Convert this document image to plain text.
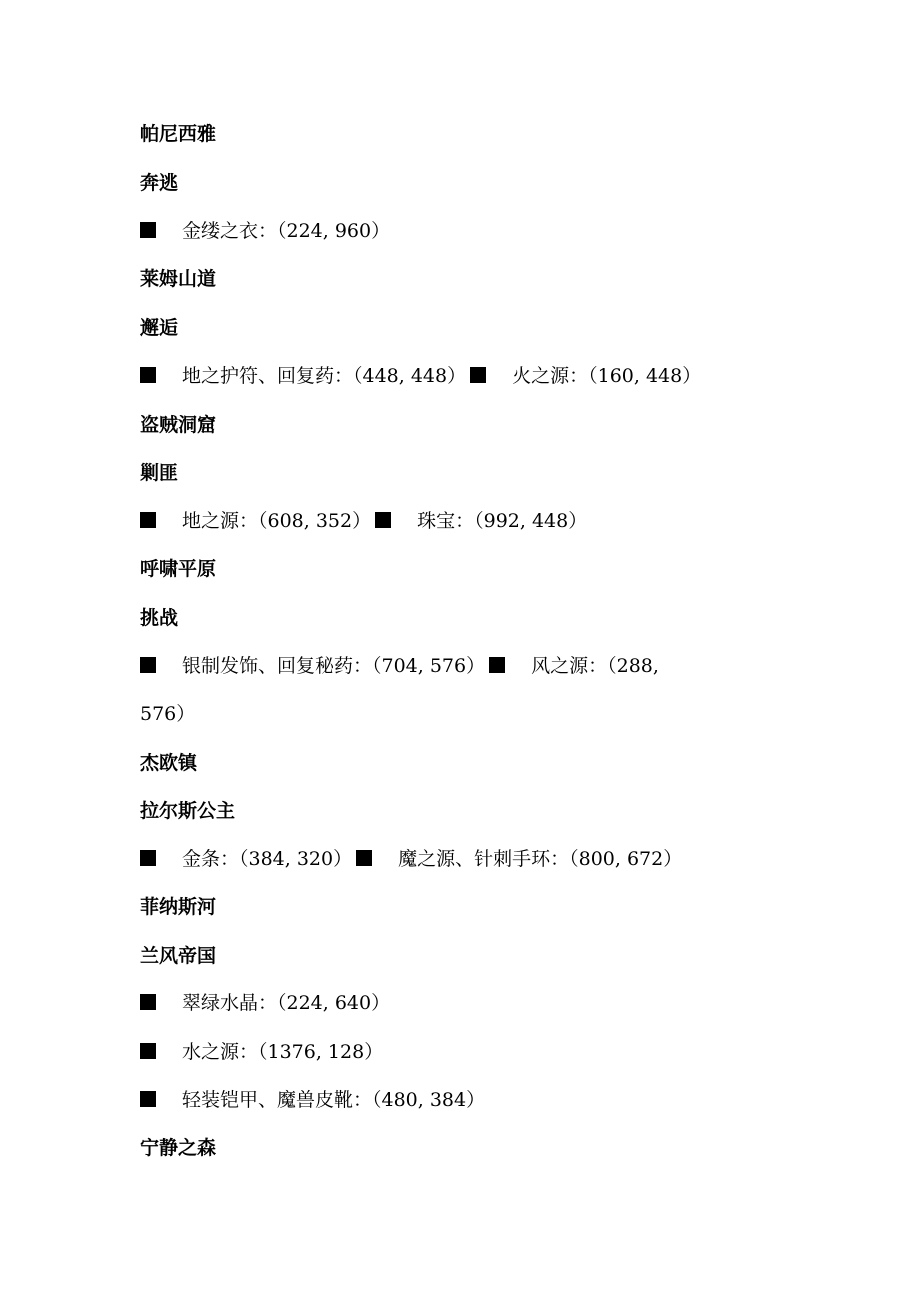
帕尼西雅
奔逃
金缕之衣：（224, 960）
莱姆山道
邂逅
地之护符、回复药：（448, 448） 火之源：（160, 448）
盗贼洞窟
剿匪
地之源：（608, 352） 珠宝：（992, 448）
呼啸平原
挑战
银制发饰、回复秘药：（704, 576） 风之源：（288,
576）
杰欧镇
拉尔斯公主
金条：（384, 320） 魔之源、针刺手环：（800, 672）
菲纳斯河
兰风帝国
翠绿水晶：（224, 640）
水之源：（1376, 128）
轻装铠甲、魔兽皮靴：（480, 384）
宁静之森
